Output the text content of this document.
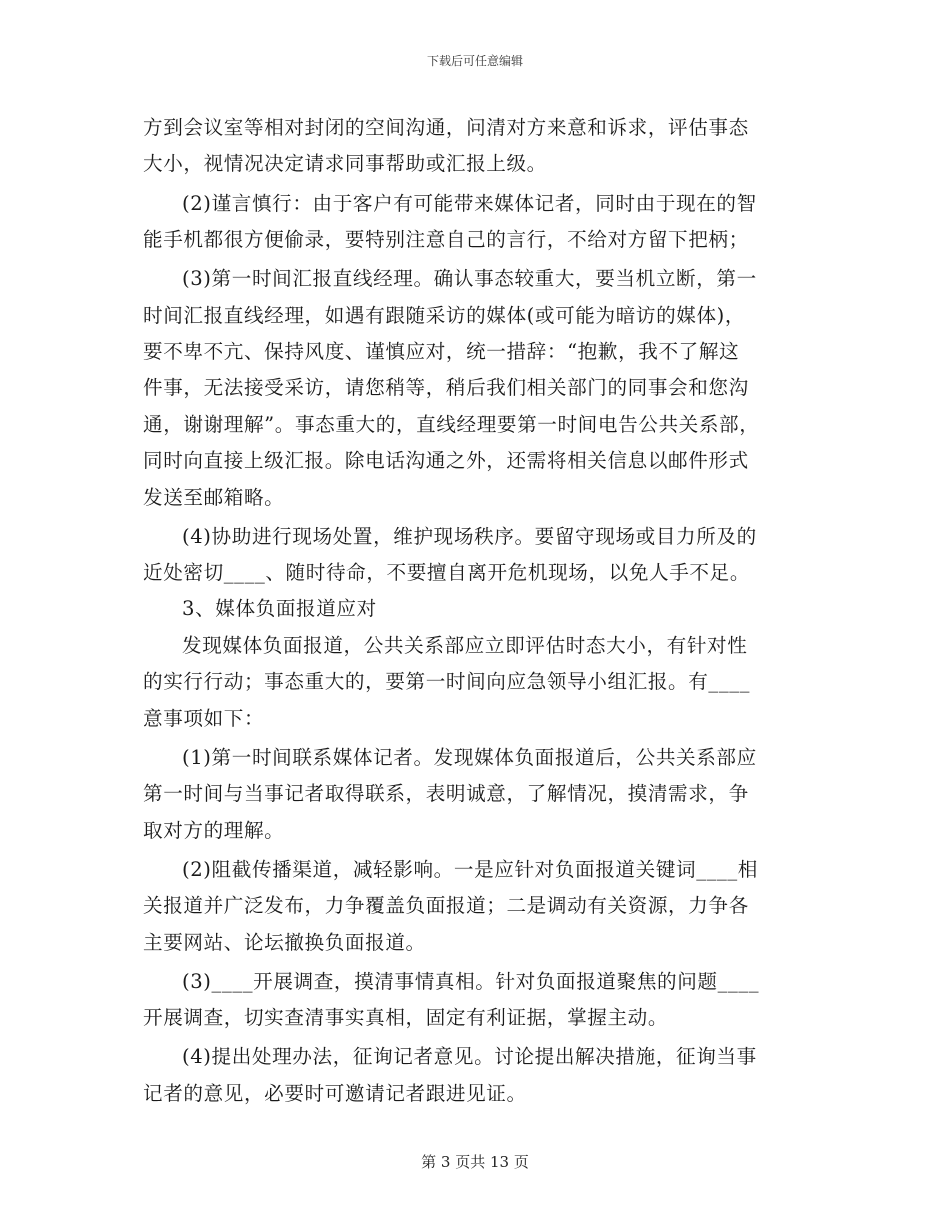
下载后可任意编辑
方到会议室等相对封闭的空间沟通，问清对方来意和诉求，评估事态
大小，视情况决定请求同事帮助或汇报上级。
(2)谨言慎行：由于客户有可能带来媒体记者，同时由于现在的智
能手机都很方便偷录，要特别注意自己的言行，不给对方留下把柄；
(3)第一时间汇报直线经理。确认事态较重大，要当机立断，第一
时间汇报直线经理，如遇有跟随采访的媒体(或可能为暗访的媒体)，
要不卑不亢、保持风度、谨慎应对，统一措辞：“抱歉，我不了解这
件事，无法接受采访，请您稍等，稍后我们相关部门的同事会和您沟
通，谢谢理解”。事态重大的，直线经理要第一时间电告公共关系部，
同时向直接上级汇报。除电话沟通之外，还需将相关信息以邮件形式
发送至邮箱略。
(4)协助进行现场处置，维护现场秩序。要留守现场或目力所及的
近处密切____、随时待命，不要擅自离开危机现场，以免人手不足。
3、媒体负面报道应对
发现媒体负面报道，公共关系部应立即评估时态大小，有针对性
的实行行动；事态重大的，要第一时间向应急领导小组汇报。有____
意事项如下：
(1)第一时间联系媒体记者。发现媒体负面报道后，公共关系部应
第一时间与当事记者取得联系，表明诚意，了解情况，摸清需求，争
取对方的理解。
(2)阻截传播渠道，减轻影响。一是应针对负面报道关键词____相
关报道并广泛发布，力争覆盖负面报道；二是调动有关资源，力争各
主要网站、论坛撤换负面报道。
(3)____开展调查，摸清事情真相。针对负面报道聚焦的问题____
开展调查，切实查清事实真相，固定有利证据，掌握主动。
(4)提出处理办法，征询记者意见。讨论提出解决措施，征询当事
记者的意见，必要时可邀请记者跟进见证。
第 3 页共 13 页
